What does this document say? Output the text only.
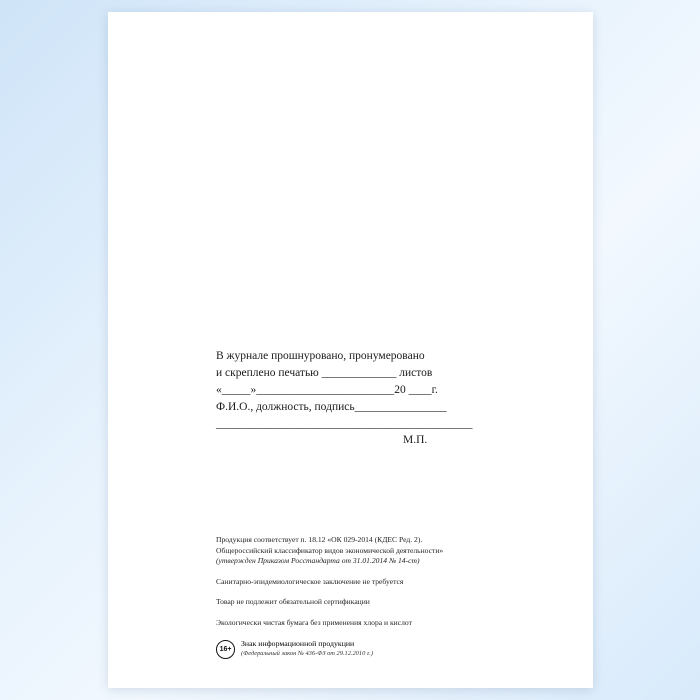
В журнале прошнуровано, пронумеровано
и скреплено печатью _____________ листов
«_____»________________________20 ____г.
Ф.И.О., должность, подпись________________
_______________________________________________
М.П.

Продукция соответствует п. 18.12 «ОК 029-2014 (КДЕС Ред. 2).

Общероссийский классификатор видов экономической деятельности»

(утвержден Приказом Росстандарта от 31.01.2014 № 14-ст)

Санитарно-эпидемиологическое заключение не требуется

Товар не подлежит обязательной сертификации

Экологически чистая бумага без применения хлора и кислот

16+
Знак информационной продукции
(Федеральный закон № 436-ФЗ от 29.12.2010 г.)
